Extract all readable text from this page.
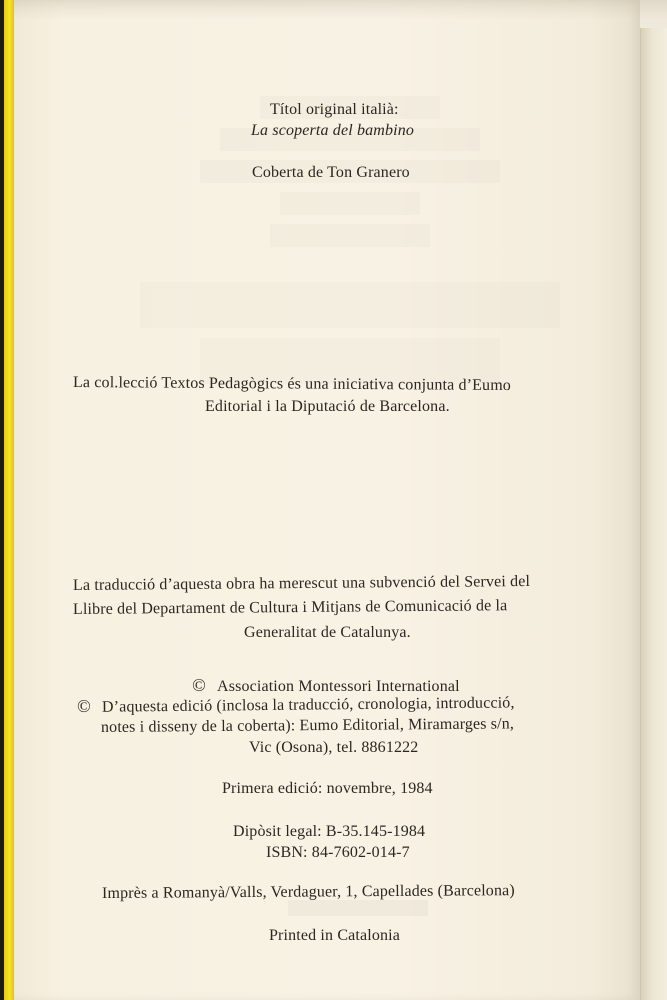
Títol original italià:
La scoperta del bambino
Coberta de Ton Granero
La col.lecció Textos Pedagògics és una iniciativa conjunta d’Eumo
Editorial i la Diputació de Barcelona.
La traducció d’aquesta obra ha merescut una subvenció del Servei del
Llibre del Departament de Cultura i Mitjans de Comunicació de la
Generalitat de Catalunya.
© Association Montessori International
© D’aquesta edició (inclosa la traducció, cronologia, introducció,
notes i disseny de la coberta): Eumo Editorial, Miramarges s/n,
Vic (Osona), tel. 8861222
Primera edició: novembre, 1984
Dipòsit legal: B-35.145-1984
ISBN: 84-7602-014-7
Imprès a Romanyà/Valls, Verdaguer, 1, Capellades (Barcelona)
Printed in Catalonia
